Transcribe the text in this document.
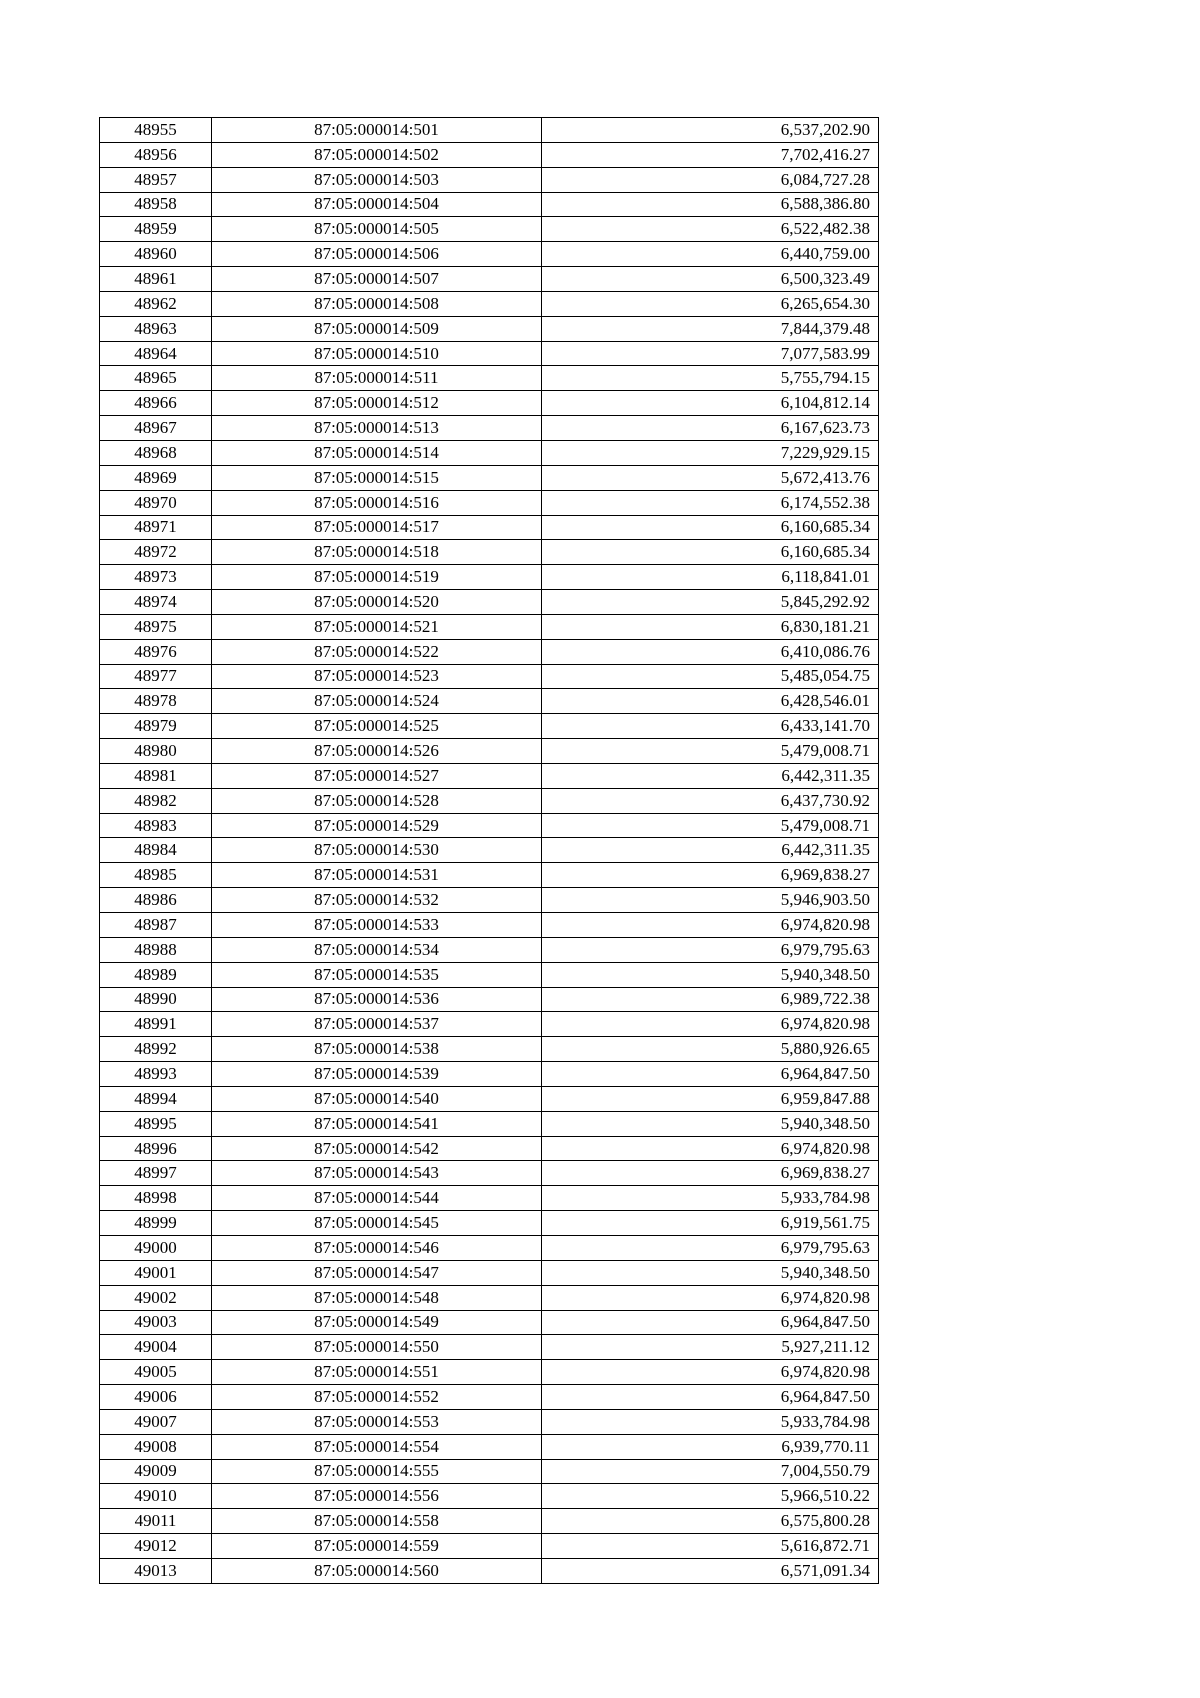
48955	87:05:000014:501	6,537,202.90
48956	87:05:000014:502	7,702,416.27
48957	87:05:000014:503	6,084,727.28
48958	87:05:000014:504	6,588,386.80
48959	87:05:000014:505	6,522,482.38
48960	87:05:000014:506	6,440,759.00
48961	87:05:000014:507	6,500,323.49
48962	87:05:000014:508	6,265,654.30
48963	87:05:000014:509	7,844,379.48
48964	87:05:000014:510	7,077,583.99
48965	87:05:000014:511	5,755,794.15
48966	87:05:000014:512	6,104,812.14
48967	87:05:000014:513	6,167,623.73
48968	87:05:000014:514	7,229,929.15
48969	87:05:000014:515	5,672,413.76
48970	87:05:000014:516	6,174,552.38
48971	87:05:000014:517	6,160,685.34
48972	87:05:000014:518	6,160,685.34
48973	87:05:000014:519	6,118,841.01
48974	87:05:000014:520	5,845,292.92
48975	87:05:000014:521	6,830,181.21
48976	87:05:000014:522	6,410,086.76
48977	87:05:000014:523	5,485,054.75
48978	87:05:000014:524	6,428,546.01
48979	87:05:000014:525	6,433,141.70
48980	87:05:000014:526	5,479,008.71
48981	87:05:000014:527	6,442,311.35
48982	87:05:000014:528	6,437,730.92
48983	87:05:000014:529	5,479,008.71
48984	87:05:000014:530	6,442,311.35
48985	87:05:000014:531	6,969,838.27
48986	87:05:000014:532	5,946,903.50
48987	87:05:000014:533	6,974,820.98
48988	87:05:000014:534	6,979,795.63
48989	87:05:000014:535	5,940,348.50
48990	87:05:000014:536	6,989,722.38
48991	87:05:000014:537	6,974,820.98
48992	87:05:000014:538	5,880,926.65
48993	87:05:000014:539	6,964,847.50
48994	87:05:000014:540	6,959,847.88
48995	87:05:000014:541	5,940,348.50
48996	87:05:000014:542	6,974,820.98
48997	87:05:000014:543	6,969,838.27
48998	87:05:000014:544	5,933,784.98
48999	87:05:000014:545	6,919,561.75
49000	87:05:000014:546	6,979,795.63
49001	87:05:000014:547	5,940,348.50
49002	87:05:000014:548	6,974,820.98
49003	87:05:000014:549	6,964,847.50
49004	87:05:000014:550	5,927,211.12
49005	87:05:000014:551	6,974,820.98
49006	87:05:000014:552	6,964,847.50
49007	87:05:000014:553	5,933,784.98
49008	87:05:000014:554	6,939,770.11
49009	87:05:000014:555	7,004,550.79
49010	87:05:000014:556	5,966,510.22
49011	87:05:000014:558	6,575,800.28
49012	87:05:000014:559	5,616,872.71
49013	87:05:000014:560	6,571,091.34
